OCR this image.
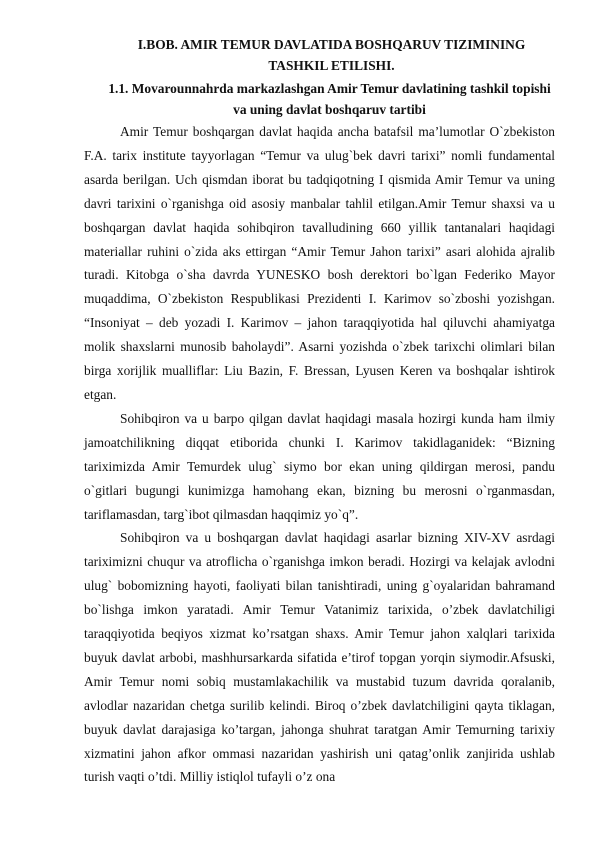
I.BOB. AMIR TEMUR DAVLATIDA BOSHQARUV TIZIMINING TASHKIL ETILISHI.

1.1. Movarounnahrda markazlashgan Amir Temur davlatining tashkil topishi va uning davlat boshqaruv tartibi

Amir Temur boshqargan davlat haqida ancha batafsil ma’lumotlar O`zbekiston F.A. tarix institute tayyorlagan “Temur va ulug`bek davri tarixi” nomli fundamental asarda berilgan. Uch qismdan iborat bu tadqiqotning I qismida Amir Temur va uning davri tarixini o`rganishga oid asosiy manbalar tahlil etilgan.Amir Temur shaxsi va u boshqargan davlat haqida sohibqiron tavalludining 660 yillik tantanalari haqidagi materiallar ruhini o`zida aks ettirgan “Amir Temur Jahon tarixi” asari alohida ajralib turadi. Kitobga o`sha davrda YUNESKO bosh derektori bo`lgan Federiko Mayor muqaddima, O`zbekiston Respublikasi Prezidenti I. Karimov so`zboshi yozishgan. “Insoniyat – deb yozadi I. Karimov – jahon taraqqiyotida hal qiluvchi ahamiyatga molik shaxslarni munosib baholaydi”. Asarni yozishda o`zbek tarixchi olimlari bilan birga xorijlik mualliflar: Liu Bazin, F. Bressan, Lyusen Keren va boshqalar ishtirok etgan.

Sohibqiron va u barpo qilgan davlat haqidagi masala hozirgi kunda ham ilmiy jamoatchilikning diqqat etiborida chunki I. Karimov takidlaganidek: “Bizning tariximizda Amir Temurdek ulug` siymo bor ekan uning qildirgan merosi, pandu o`gitlari bugungi kunimizga hamohang ekan, bizning bu merosni o`rganmasdan, tariflamasdan, targ`ibot qilmasdan haqqimiz yo`q”.

Sohibqiron va u boshqargan davlat haqidagi asarlar bizning XIV-XV asrdagi tariximizni chuqur va atroflicha o`rganishga imkon beradi. Hozirgi va kelajak avlodni ulug` bobomizning hayoti, faoliyati bilan tanishtiradi, uning g`oyalaridan bahramand bo`lishga imkon yaratadi. Amir Temur Vatanimiz tarixida, o’zbek davlatchiligi taraqqiyotida beqiyos xizmat ko’rsatgan shaxs. Amir Temur jahon xalqlari tarixida buyuk davlat arbobi, mashhursarkarda sifatida e’tirof topgan yorqin siymodir.Afsuski, Amir Temur nomi sobiq mustamlakachilik va mustabid tuzum davrida qoralanib, avlodlar nazaridan chetga surilib kelindi. Biroq o’zbek davlatchiligini qayta tiklagan, buyuk davlat darajasiga ko’targan, jahonga shuhrat taratgan Amir Temurning tarixiy xizmatini jahon afkor ommasi nazaridan yashirish uni qatag’onlik zanjirida ushlab turish vaqti o’tdi. Milliy istiqlol tufayli o’z ona
